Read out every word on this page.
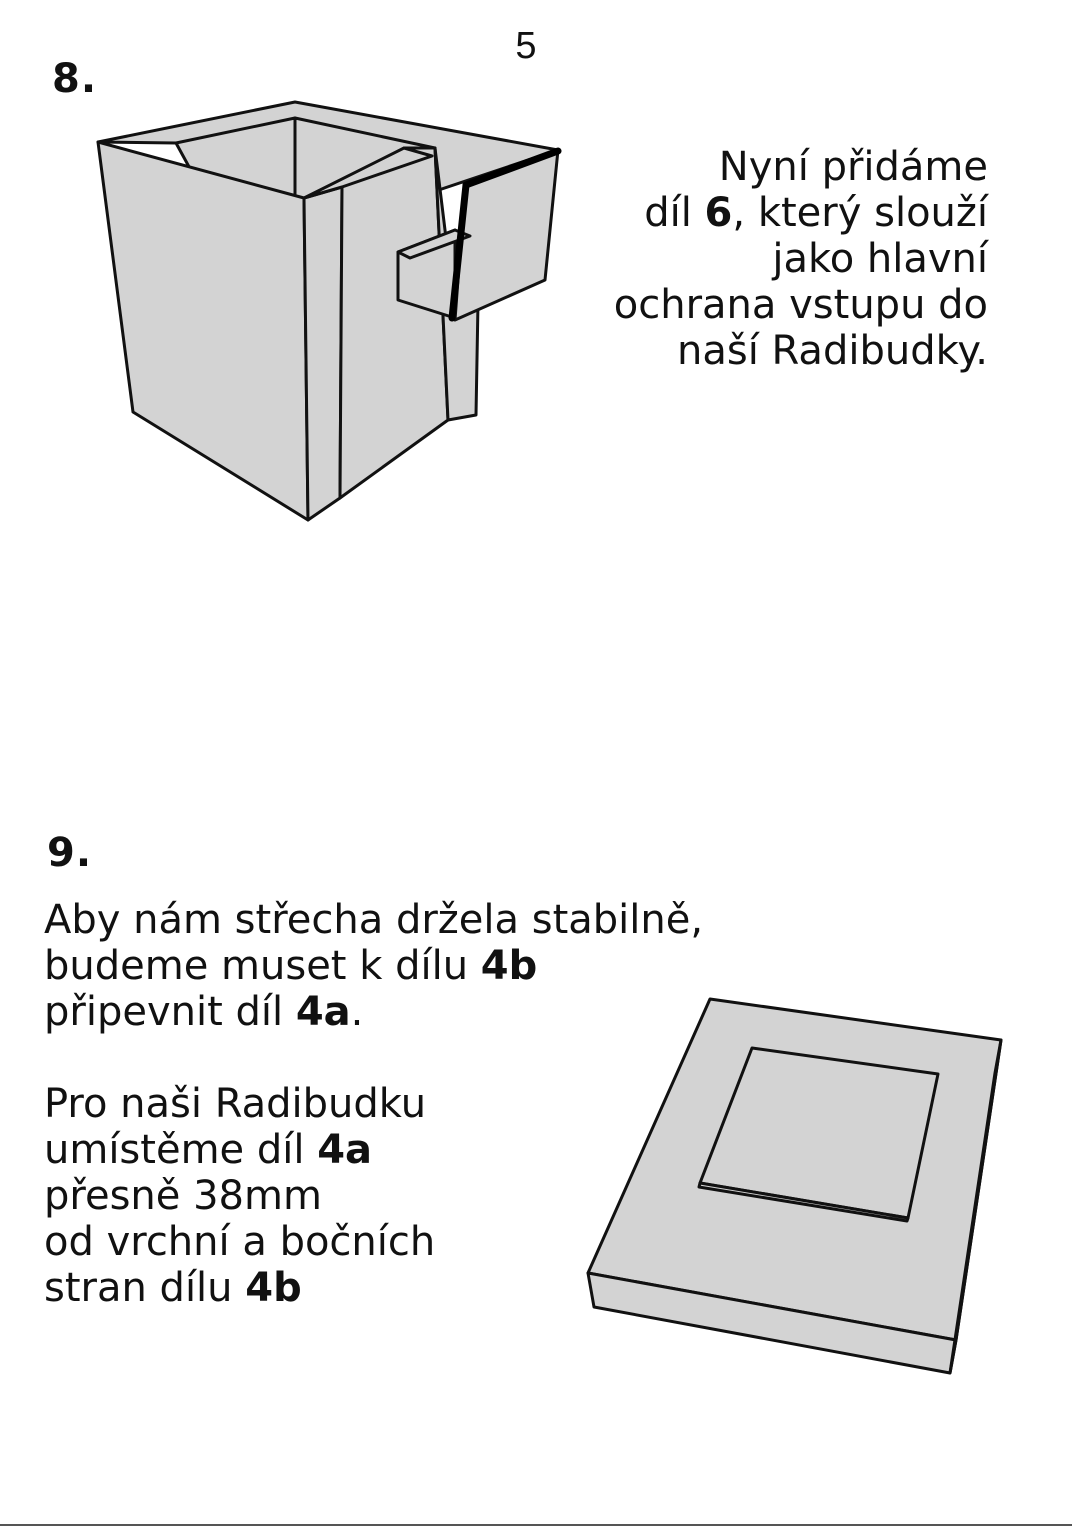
5
8.
Nyní přidáme
díl 6, který slouží
jako hlavní
ochrana vstupu do
naší Radibudky.
9.
Aby nám střecha držela stabilně,
budeme muset k dílu 4b
připevnit díl 4a.
Pro naši Radibudku
umístěme díl 4a
přesně 38mm
od vrchní a bočních
stran dílu 4b
